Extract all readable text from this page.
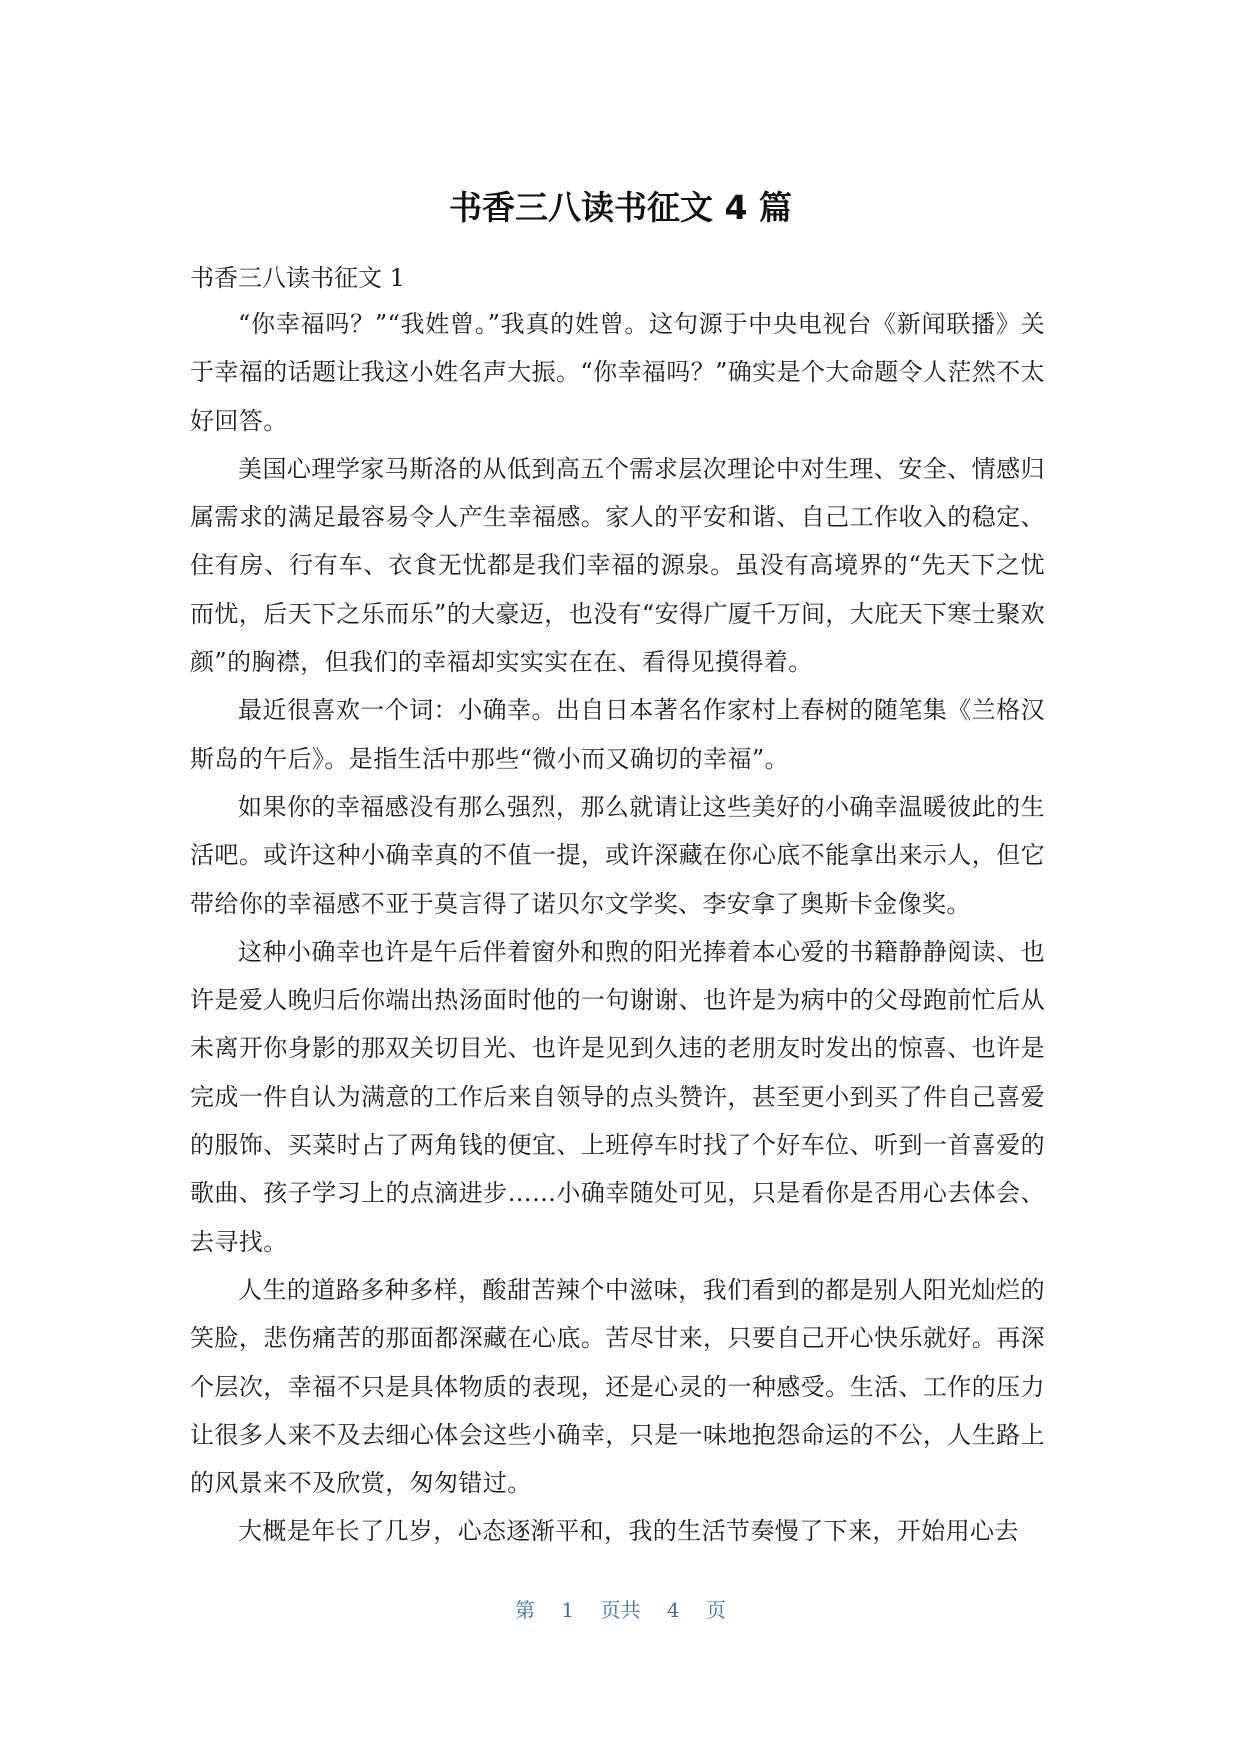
书香三八读书征文 4 篇

书香三八读书征文 1

“你幸福吗？”“我姓曾。”我真的姓曾。这句源于中央电视台《新闻联播》关于幸福的话题让我这小姓名声大振。“你幸福吗？”确实是个大命题令人茫然不太好回答。

美国心理学家马斯洛的从低到高五个需求层次理论中对生理、安全、情感归属需求的满足最容易令人产生幸福感。家人的平安和谐、自己工作收入的稳定、住有房、行有车、衣食无忧都是我们幸福的源泉。虽没有高境界的“先天下之忧而忧，后天下之乐而乐”的大豪迈，也没有“安得广厦千万间，大庇天下寒士聚欢颜”的胸襟，但我们的幸福却实实实在在、看得见摸得着。

最近很喜欢一个词：小确幸。出自日本著名作家村上春树的随笔集《兰格汉斯岛的午后》。是指生活中那些“微小而又确切的幸福”。

如果你的幸福感没有那么强烈，那么就请让这些美好的小确幸温暖彼此的生活吧。或许这种小确幸真的不值一提，或许深藏在你心底不能拿出来示人，但它带给你的幸福感不亚于莫言得了诺贝尔文学奖、李安拿了奥斯卡金像奖。

这种小确幸也许是午后伴着窗外和煦的阳光捧着本心爱的书籍静静阅读、也许是爱人晚归后你端出热汤面时他的一句谢谢、也许是为病中的父母跑前忙后从未离开你身影的那双关切目光、也许是见到久违的老朋友时发出的惊喜、也许是完成一件自认为满意的工作后来自领导的点头赞许，甚至更小到买了件自己喜爱的服饰、买菜时占了两角钱的便宜、上班停车时找了个好车位、听到一首喜爱的歌曲、孩子学习上的点滴进步……小确幸随处可见，只是看你是否用心去体会、去寻找。

人生的道路多种多样，酸甜苦辣个中滋味，我们看到的都是别人阳光灿烂的笑脸，悲伤痛苦的那面都深藏在心底。苦尽甘来，只要自己开心快乐就好。再深个层次，幸福不只是具体物质的表现，还是心灵的一种感受。生活、工作的压力让很多人来不及去细心体会这些小确幸，只是一味地抱怨命运的不公，人生路上的风景来不及欣赏，匆匆错过。

大概是年长了几岁，心态逐渐平和，我的生活节奏慢了下来，开始用心去

第 1 页共 4 页
